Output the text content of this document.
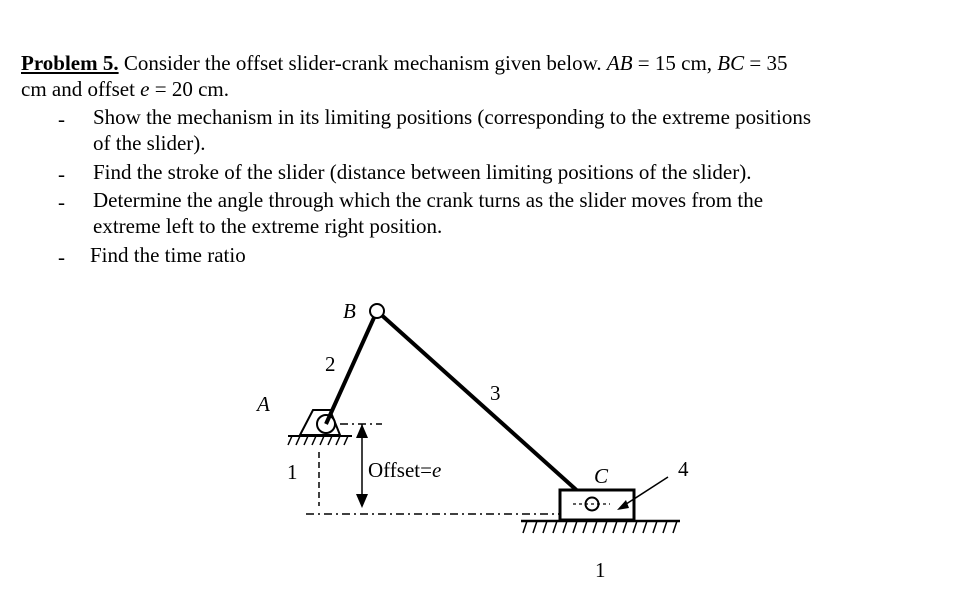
Problem 5. Consider the offset slider-crank mechanism given below. AB = 15 cm, BC = 35
cm and offset e = 20 cm.
- Show the mechanism in its limiting positions (corresponding to the extreme positions
of the slider).
- Find the stroke of the slider (distance between limiting positions of the slider).
- Determine the angle through which the crank turns as the slider moves from the
extreme left to the extreme right position.
- Find the time ratio
B
A
C
2
3
4
1
1
Offset=e
